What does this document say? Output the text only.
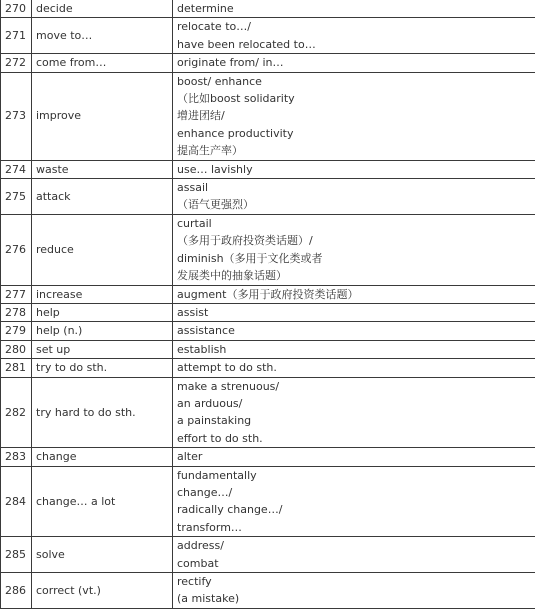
270	decide	determine

271	move to…	relocate to…/
have been relocated to…

272	come from…	originate from/ in…

273	improve	boost/ enhance
（比如boost solidarity
增进团结/
enhance productivity
提高生产率）

274	waste	use… lavishly

275	attack	assail
（语气更强烈）

276	reduce	curtail
（多用于政府投资类话题）/
diminish（多用于文化类或者
发展类中的抽象话题）

277	increase	augment（多用于政府投资类话题）

278	help	assist

279	help (n.)	assistance

280	set up	establish

281	try to do sth.	attempt to do sth.

282	try hard to do sth.	make a strenuous/
an arduous/
a painstaking
effort to do sth.

283	change	alter

284	change… a lot	fundamentally
change…/
radically change…/
transform…

285	solve	address/
combat

286	correct (vt.)	rectify
(a mistake)
